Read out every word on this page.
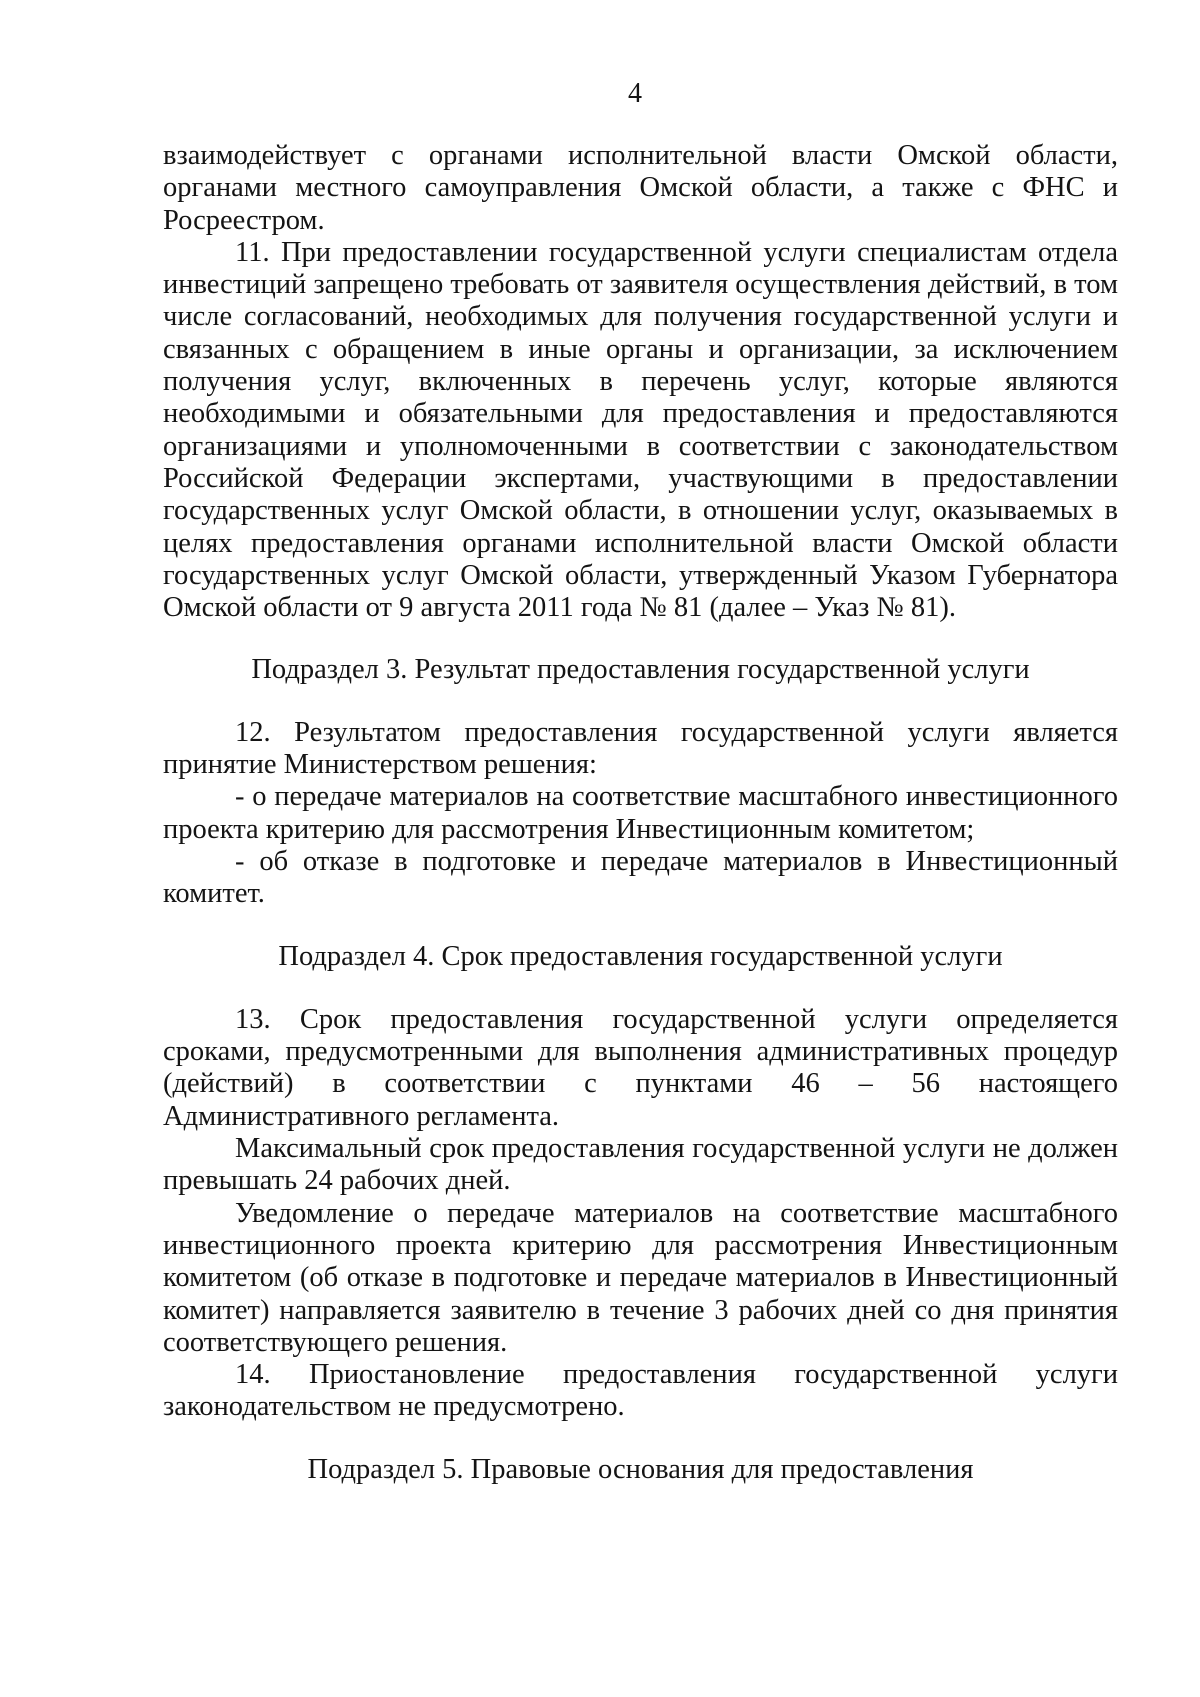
4

взаимодействует с органами исполнительной власти Омской области, органами местного самоуправления Омской области, а также с ФНС и Росреестром.

11. При предоставлении государственной услуги специалистам отдела инвестиций запрещено требовать от заявителя осуществления действий, в том числе согласований, необходимых для получения государственной услуги и связанных с обращением в иные органы и организации, за исключением получения услуг, включенных в перечень услуг, которые являются необходимыми и обязательными для предоставления и предоставляются организациями и уполномоченными в соответствии с законодательством Российской Федерации экспертами, участвующими в предоставлении государственных услуг Омской области, в отношении услуг, оказываемых в целях предоставления органами исполнительной власти Омской области государственных услуг Омской области, утвержденный Указом Губернатора Омской области от 9 августа 2011 года № 81 (далее – Указ № 81).

Подраздел 3. Результат предоставления государственной услуги

12. Результатом предоставления государственной услуги является принятие Министерством решения:

- о передаче материалов на соответствие масштабного инвестиционного проекта критерию для рассмотрения Инвестиционным комитетом;

- об отказе в подготовке и передаче материалов в Инвестиционный комитет.

Подраздел 4. Срок предоставления государственной услуги

13. Срок предоставления государственной услуги определяется сроками, предусмотренными для выполнения административных процедур (действий) в соответствии с пунктами 46 – 56 настоящего Административного регламента.

Максимальный срок предоставления государственной услуги не должен превышать 24 рабочих дней.

Уведомление о передаче материалов на соответствие масштабного инвестиционного проекта критерию для рассмотрения Инвестиционным комитетом (об отказе в подготовке и передаче материалов в Инвестиционный комитет) направляется заявителю в течение 3 рабочих дней со дня принятия соответствующего решения.

14. Приостановление предоставления государственной услуги законодательством не предусмотрено.

Подраздел 5. Правовые основания для предоставления
